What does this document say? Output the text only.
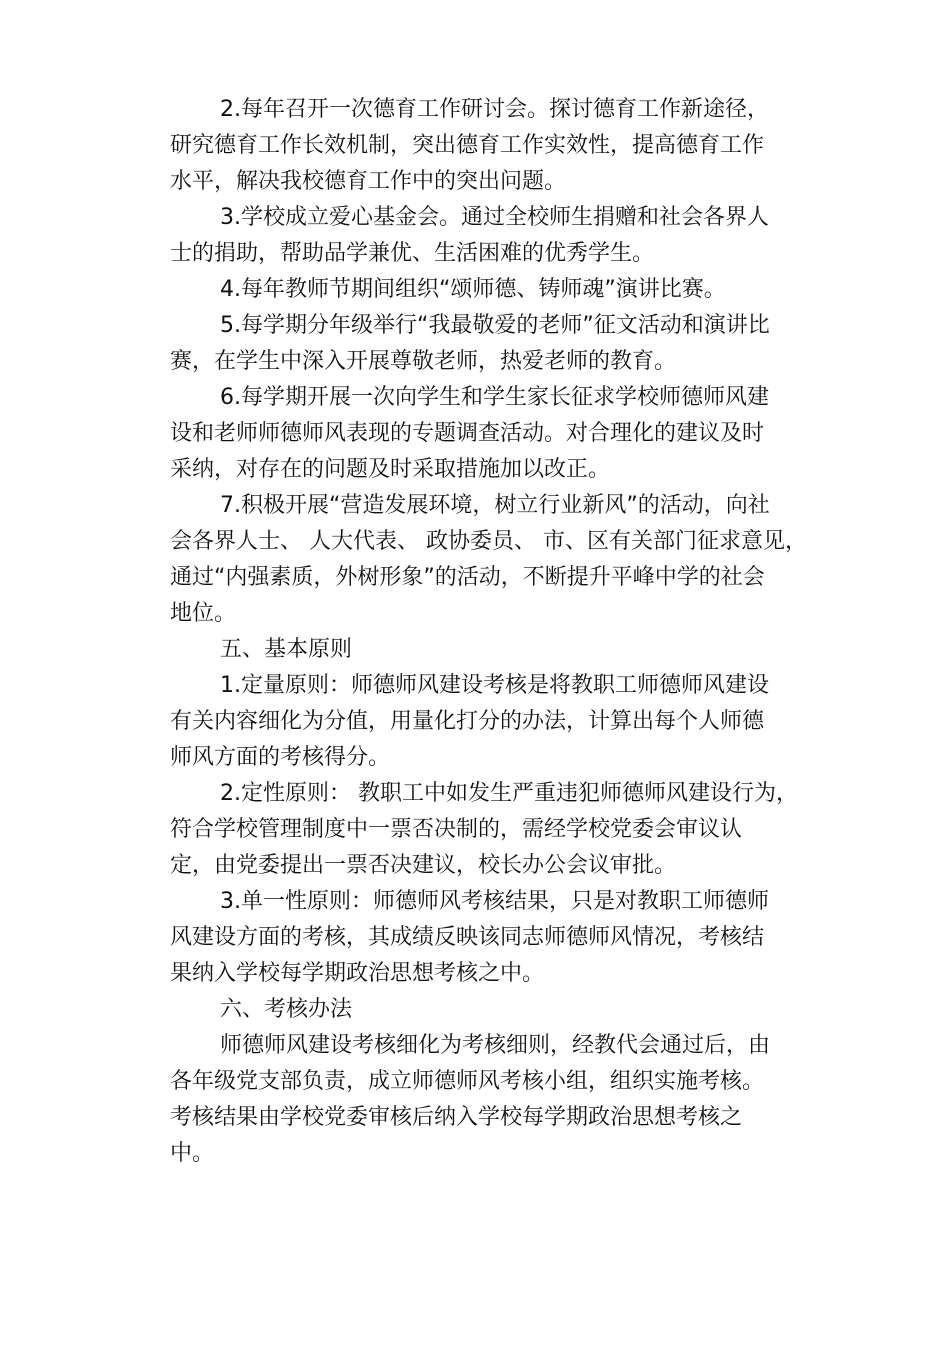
2.每年召开一次德育工作研讨会。探讨德育工作新途径，
研究德育工作长效机制，突出德育工作实效性，提高德育工作
水平，解决我校德育工作中的突出问题。
3.学校成立爱心基金会。通过全校师生捐赠和社会各界人
士的捐助，帮助品学兼优、生活困难的优秀学生。
4.每年教师节期间组织“颂师德、铸师魂”演讲比赛。
5.每学期分年级举行“我最敬爱的老师”征文活动和演讲比
赛，在学生中深入开展尊敬老师，热爱老师的教育。
6.每学期开展一次向学生和学生家长征求学校师德师风建
设和老师师德师风表现的专题调查活动。对合理化的建议及时
采纳，对存在的问题及时采取措施加以改正。
7.积极开展“营造发展环境，树立行业新风”的活动，向社
会各界人士、 人大代表、 政协委员、 市、区有关部门征求意见，
通过“内强素质，外树形象”的活动，不断提升平峰中学的社会
地位。
五、基本原则
1.定量原则：师德师风建设考核是将教职工师德师风建设
有关内容细化为分值，用量化打分的办法，计算出每个人师德
师风方面的考核得分。
2.定性原则： 教职工中如发生严重违犯师德师风建设行为，
符合学校管理制度中一票否决制的，需经学校党委会审议认
定，由党委提出一票否决建议，校长办公会议审批。
3.单一性原则：师德师风考核结果，只是对教职工师德师
风建设方面的考核，其成绩反映该同志师德师风情况，考核结
果纳入学校每学期政治思想考核之中。
六、考核办法
师德师风建设考核细化为考核细则，经教代会通过后，由
各年级党支部负责，成立师德师风考核小组，组织实施考核。
考核结果由学校党委审核后纳入学校每学期政治思想考核之
中。
